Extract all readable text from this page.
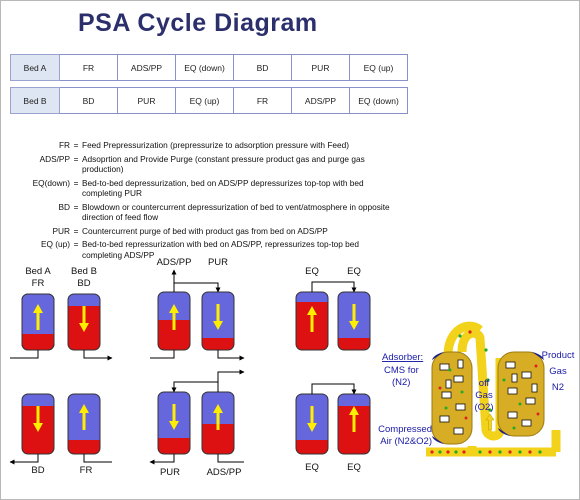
PSA Cycle Diagram
Bed A	FR	ADS/PP	EQ (down)	BD	PUR	EQ (up)

Bed B	BD	PUR	EQ (up)	FR	ADS/PP	EQ (down)
FR = Feed Prepressurization (prepressurize to adsorption pressure with Feed)
ADS/PP = Adsoprtion and Provide Purge (constant pressure product gas and purge gas production)
EQ(down) = Bed-to-bed depressurization, bed on ADS/PP depressurizes top-top with bed completing PUR
BD = Blowdown or countercurrent depressurization of bed to vent/atmosphere in opposite direction of feed flow
PUR = Countercurrent purge of bed with product gas from bed on ADS/PP
EQ (up) = Bed-to-bed repressurization with bed on ADS/PP, repressurizes top-top bed completing ADS/PP
Bed A
FR
Bed B
BD
ADS/PP PUR
EQ	EQ
BD	FR	PUR	ADS/PP	EQ	EQ
Adsorber:
CMS for
(N2)	off
Gas
(O2)
Product
Gas
N2
Compressed
Air (N2&O2)
